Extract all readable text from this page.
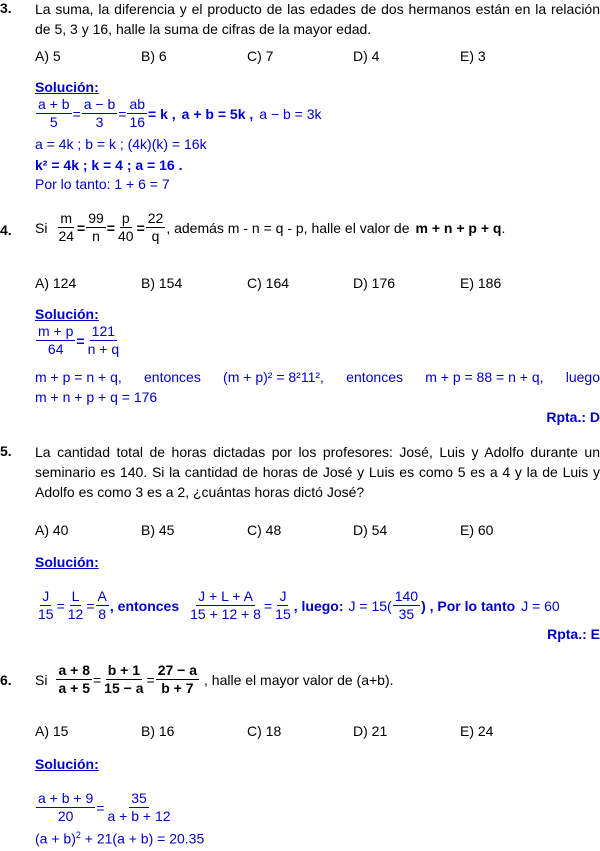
3. La suma, la diferencia y el producto de las edades de dos hermanos están en la relación de 5, 3 y 16, halle la suma de cifras de la mayor edad.
A) 5	B) 6	C) 7	D) 4	E) 3
Solución:
$\frac{a + b}{5} = \frac{a - b}{3} = \frac{ab}{16} = k$ , a + b = 5k , a − b = 3k
a = 4k ; b = k ; (4k)(k) = 16k
k² = 4k ; k = 4 ; a = 16 .
Por lo tanto: 1 + 6 = 7
4. Si $\frac{m}{24} = \frac{99}{n} = \frac{p}{40} = \frac{22}{q}$ , además m - n = q - p, halle el valor de m + n + p + q .
A) 124	B) 154	C) 164	D) 176	E) 186
Solución:
$\frac{m + p}{64} = \frac{121}{n + q}$
m + p = n + q, entonces (m + p)² = 8²11², entonces m + p = 88 = n + q, luego
m + n + p + q = 176
Rpta.: D
5. La cantidad total de horas dictadas por los profesores: José, Luis y Adolfo durante un seminario es 140. Si la cantidad de horas de José y Luis es como 5 es a 4 y la de Luis y Adolfo es como 3 es a 2, ¿cuántas horas dictó José?
A) 40	B) 45	C) 48	D) 54	E) 60
Solución:
$\frac{J}{15} = \frac{L}{12} = \frac{A}{8}$ , entonces $\frac{J + L + A}{15 + 12 + 8} = \frac{J}{15}$ , luego: $J = 15( \frac{140}{35}$ ) , Por lo tanto J = 60
Rpta.: E
6. Si $\frac{a + 8}{a + 5} = \frac{b + 1}{15 - a} = \frac{27 - a}{b + 7}$ , halle el mayor valor de (a+b).
A) 15	B) 16	C) 18	D) 21	E) 24
Solución:
$\frac{a + b + 9}{20} = \frac{35}{a + b + 12}$
$(a + b)^2 + 21(a + b) = 20.35$
